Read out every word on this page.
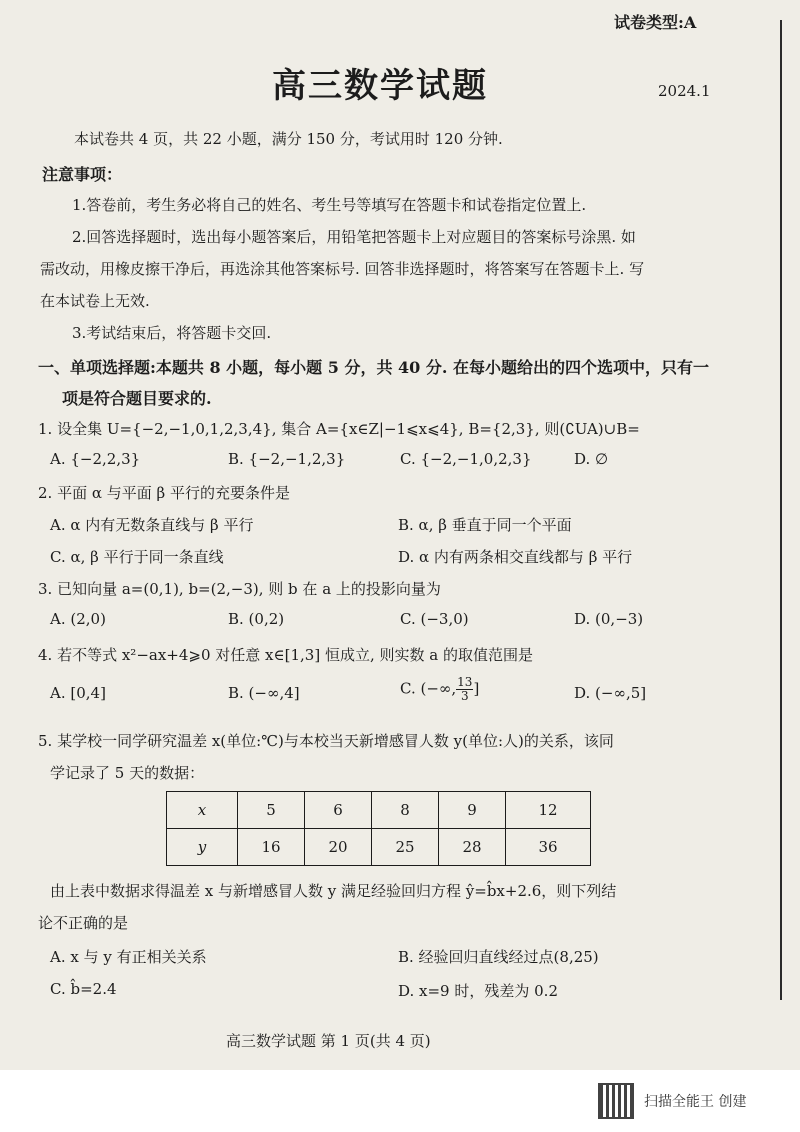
试卷类型:A
高三数学试题	2024.1
本试卷共 4 页，共 22 小题，满分 150 分，考试用时 120 分钟.
注意事项：
1.答卷前，考生务必将自己的姓名、考生号等填写在答题卡和试卷指定位置上.
2.回答选择题时，选出每小题答案后，用铅笔把答题卡上对应题目的答案标号涂黑. 如
需改动，用橡皮擦干净后，再选涂其他答案标号. 回答非选择题时，将答案写在答题卡上. 写
在本试卷上无效.
3.考试结束后，将答题卡交回.
一、单项选择题:本题共 8 小题，每小题 5 分，共 40 分. 在每小题给出的四个选项中，只有一
项是符合题目要求的.
1. 设全集 U={−2,−1,0,1,2,3,4}, 集合 A={x∈Z|−1⩽x⩽4}, B={2,3}, 则(∁UA)∪B=
A. {−2,2,3}	B. {−2,−1,2,3}	C. {−2,−1,0,2,3}	D. ∅
2. 平面 α 与平面 β 平行的充要条件是
A. α 内有无数条直线与 β 平行	B. α, β 垂直于同一个平面
C. α, β 平行于同一条直线	D. α 内有两条相交直线都与 β 平行
3. 已知向量 a=(0,1), b=(2,−3), 则 b 在 a 上的投影向量为
A. (2,0)	B. (0,2)	C. (−3,0)	D. (0,−3)
4. 若不等式 x²−ax+4⩾0 对任意 x∈[1,3] 恒成立, 则实数 a 的取值范围是
A. [0,4]	B. (−∞,4]	C. (−∞, $\frac{13}{3}$ ]	D. (−∞,5]
5. 某学校一同学研究温差 x(单位:℃)与本校当天新增感冒人数 y(单位:人)的关系，该同
学记录了 5 天的数据：
x	5	6	8	9	12
y	16	20	25	28	36
由上表中数据求得温差 x 与新增感冒人数 y 满足经验回归方程 ŷ=b̂x+2.6，则下列结
论不正确的是
A. x 与 y 有正相关关系	B. 经验回归直线经过点(8,25)
C. b̂=2.4	D. x=9 时，残差为 0.2
高三数学试题 第 1 页(共 4 页)
扫描全能王 创建
